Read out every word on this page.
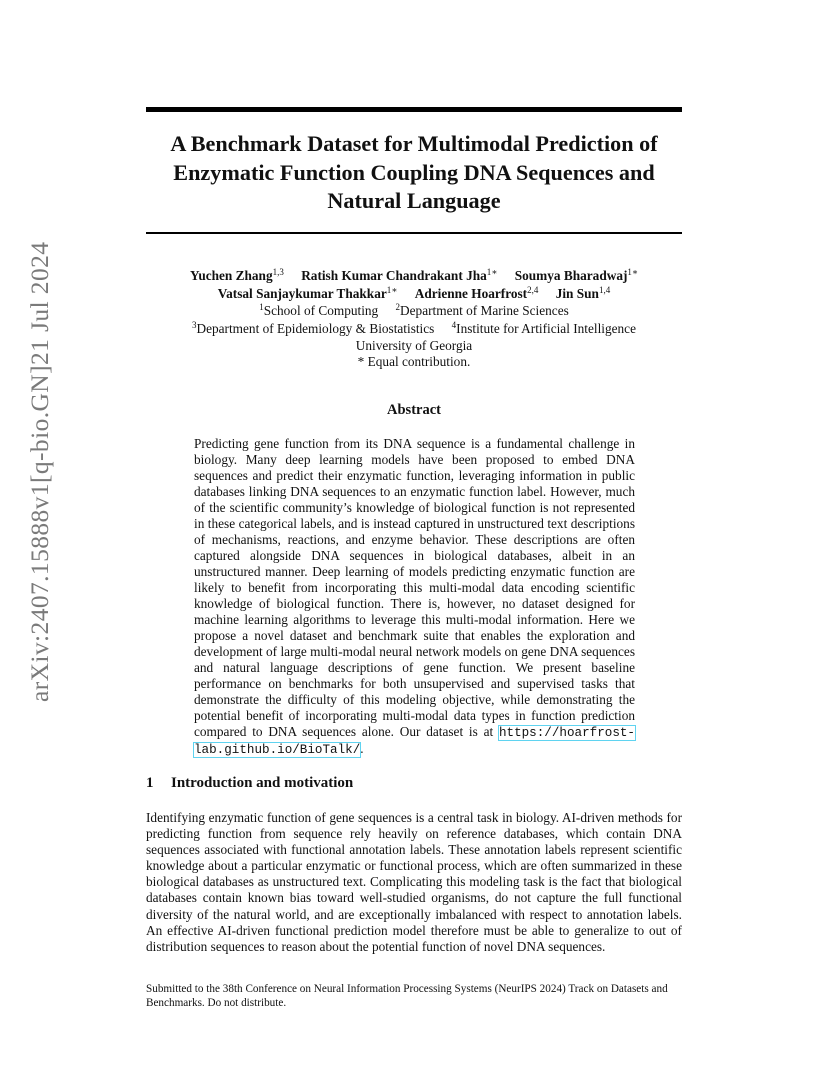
arXiv:2407.15888v1
[q-bio.GN]
21 Jul 2024
A Benchmark Dataset for Multimodal Prediction of Enzymatic Function Coupling DNA Sequences and Natural Language
Yuchen Zhang$^{1,3}$ Ratish Kumar Chandrakant Jha$^{1∗}$ Soumya Bharadwaj$^{1∗}$
Vatsal Sanjaykumar Thakkar$^{1∗}$ Adrienne Hoarfrost$^{2,4}$ Jin Sun$^{1,4}$
$^1$School of Computing $^2$Department of Marine Sciences
$^3$Department of Epidemiology & Biostatistics $^4$Institute for Artificial Intelligence
University of Georgia
* Equal contribution.
Abstract

Predicting gene function from its DNA sequence is a fundamental challenge in biology. Many deep learning models have been proposed to embed DNA sequences and predict their enzymatic function, leveraging information in public databases linking DNA sequences to an enzymatic function label. However, much of the scientific community’s knowledge of biological function is not represented in these categorical labels, and is instead captured in unstructured text descriptions of mechanisms, reactions, and enzyme behavior. These descriptions are often captured alongside DNA sequences in biological databases, albeit in an unstructured manner. Deep learning of models predicting enzymatic function are likely to benefit from incorporating this multi-modal data encoding scientific knowledge of biological function. There is, however, no dataset designed for machine learning algorithms to leverage this multi-modal information. Here we propose a novel dataset and benchmark suite that enables the exploration and development of large multi-modal neural network models on gene DNA sequences and natural language descriptions of gene function. We present baseline performance on benchmarks for both unsupervised and supervised tasks that demonstrate the difficulty of this modeling objective, while demonstrating the potential benefit of incorporating multi-modal data types in function prediction compared to DNA sequences alone. Our dataset is at https://hoarfrost-lab.github.io/BioTalk/.

1 Introduction and motivation

Identifying enzymatic function of gene sequences is a central task in biology. AI-driven methods for predicting function from sequence rely heavily on reference databases, which contain DNA sequences associated with functional annotation labels. These annotation labels represent scientific knowledge about a particular enzymatic or functional process, which are often summarized in these biological databases as unstructured text. Complicating this modeling task is the fact that biological databases contain known bias toward well-studied organisms, do not capture the full functional diversity of the natural world, and are exceptionally imbalanced with respect to annotation labels. An effective AI-driven functional prediction model therefore must be able to generalize to out of distribution sequences to reason about the potential function of novel DNA sequences.

Submitted to the 38th Conference on Neural Information Processing Systems (NeurIPS 2024) Track on Datasets and Benchmarks. Do not distribute.
